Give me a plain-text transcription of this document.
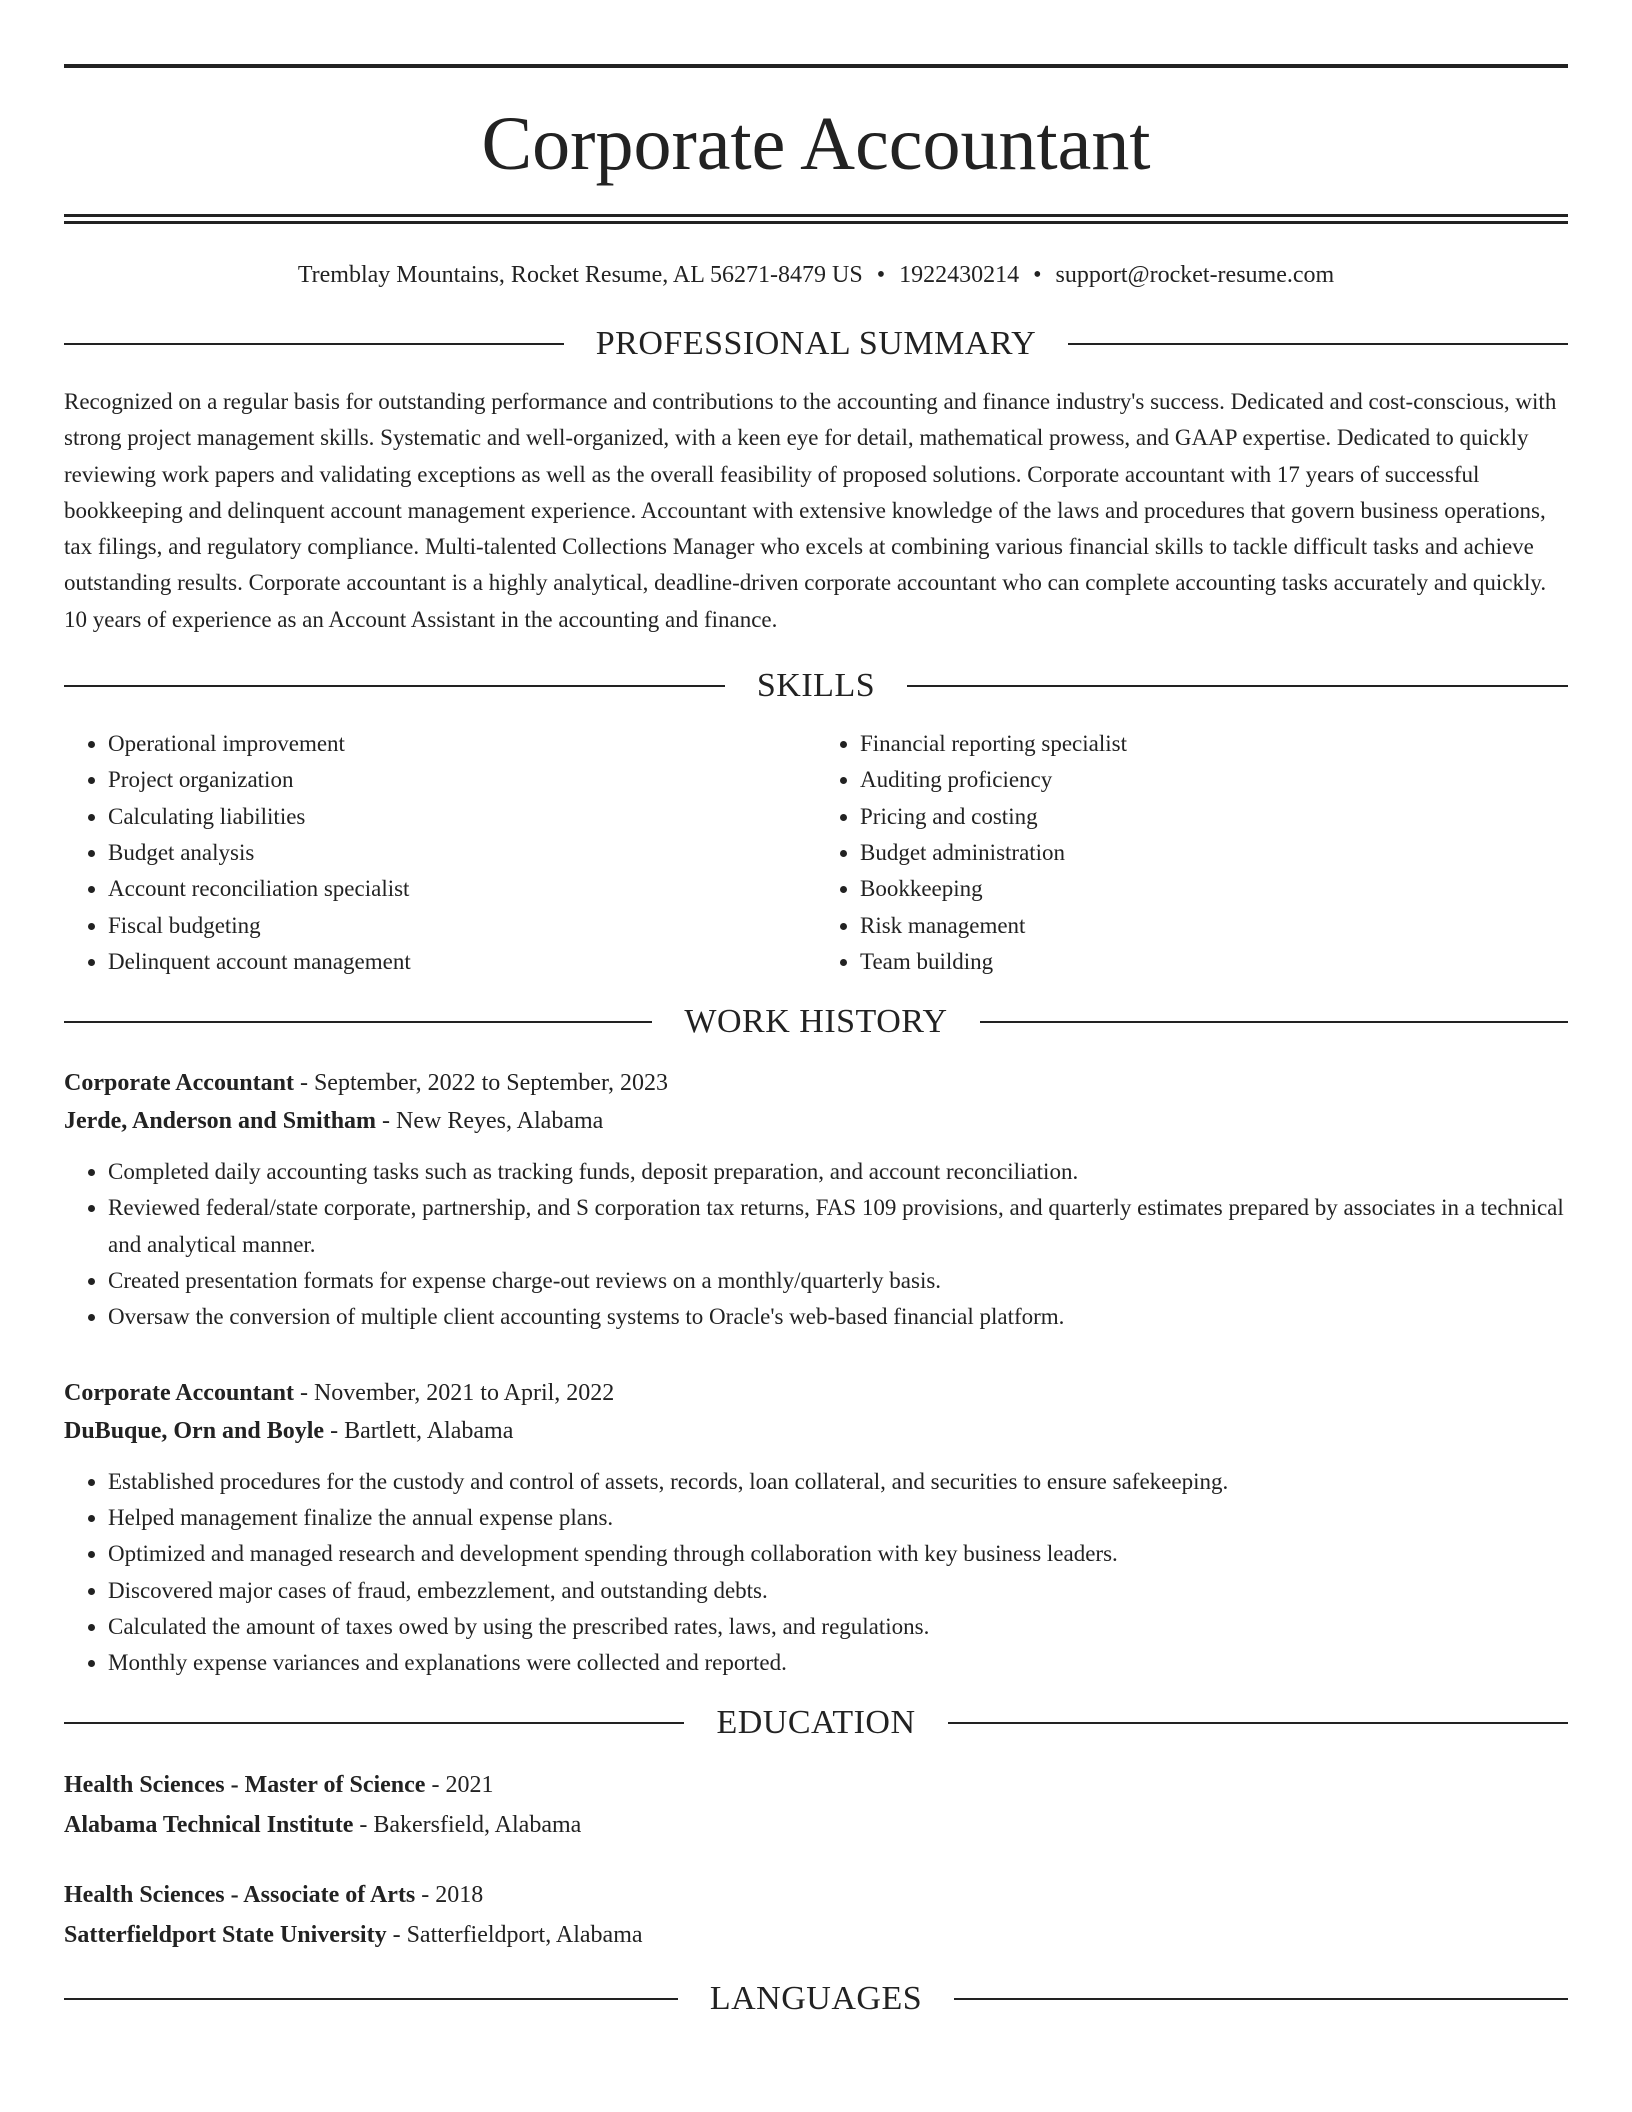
Corporate Accountant
Tremblay Mountains, Rocket Resume, AL 56271-8479 US • 1922430214 • support@rocket-resume.com
PROFESSIONAL SUMMARY

Recognized on a regular basis for outstanding performance and contributions to the accounting and finance industry's success. Dedicated and cost-conscious, with strong project management skills. Systematic and well-organized, with a keen eye for detail, mathematical prowess, and GAAP expertise. Dedicated to quickly reviewing work papers and validating exceptions as well as the overall feasibility of proposed solutions. Corporate accountant with 17 years of successful bookkeeping and delinquent account management experience. Accountant with extensive knowledge of the laws and procedures that govern business operations, tax filings, and regulatory compliance. Multi-talented Collections Manager who excels at combining various financial skills to tackle difficult tasks and achieve outstanding results. Corporate accountant is a highly analytical, deadline-driven corporate accountant who can complete accounting tasks accurately and quickly. 10 years of experience as an Account Assistant in the accounting and finance.

SKILLS
• Operational improvement
• Project organization
• Calculating liabilities
• Budget analysis
• Account reconciliation specialist
• Fiscal budgeting
• Delinquent account management
• Financial reporting specialist
• Auditing proficiency
• Pricing and costing
• Budget administration
• Bookkeeping
• Risk management
• Team building
WORK HISTORY
Corporate Accountant - September, 2022 to September, 2023
Jerde, Anderson and Smitham - New Reyes, Alabama
• Completed daily accounting tasks such as tracking funds, deposit preparation, and account reconciliation.
• Reviewed federal/state corporate, partnership, and S corporation tax returns, FAS 109 provisions, and quarterly estimates prepared by associates in a technical and analytical manner.
• Created presentation formats for expense charge-out reviews on a monthly/quarterly basis.
• Oversaw the conversion of multiple client accounting systems to Oracle's web-based financial platform.
Corporate Accountant - November, 2021 to April, 2022
DuBuque, Orn and Boyle - Bartlett, Alabama
• Established procedures for the custody and control of assets, records, loan collateral, and securities to ensure safekeeping.
• Helped management finalize the annual expense plans.
• Optimized and managed research and development spending through collaboration with key business leaders.
• Discovered major cases of fraud, embezzlement, and outstanding debts.
• Calculated the amount of taxes owed by using the prescribed rates, laws, and regulations.
• Monthly expense variances and explanations were collected and reported.
EDUCATION
Health Sciences - Master of Science - 2021
Alabama Technical Institute - Bakersfield, Alabama
Health Sciences - Associate of Arts - 2018
Satterfieldport State University - Satterfieldport, Alabama
LANGUAGES
